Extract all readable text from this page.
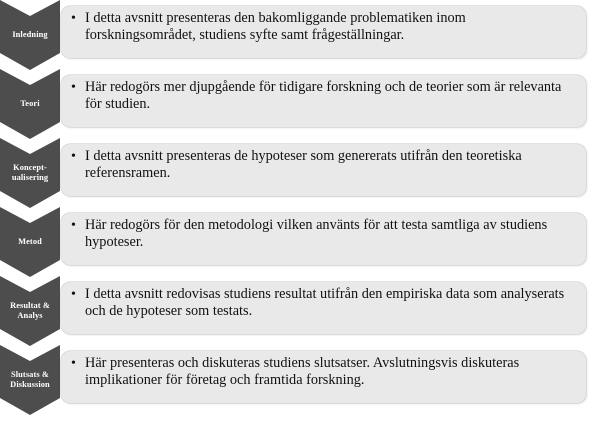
Inledning
• I detta avsnitt presenteras den bakomliggande problematiken inom forskningsområdet, studiens syfte samt frågeställningar.
Teori
• Här redogörs mer djupgående för tidigare forskning och de teorier som är relevanta för studien.
Koncept-
ualisering
• I detta avsnitt presenteras de hypoteser som genererats utifrån den teoretiska referensramen.
Metod
• Här redogörs för den metodologi vilken använts för att testa samtliga av studiens hypoteser.
Resultat &
Analys
• I detta avsnitt redovisas studiens resultat utifrån den empiriska data som analyserats och de hypoteser som testats.
Slutsats &
Diskussion
• Här presenteras och diskuteras studiens slutsatser. Avslutningsvis diskuteras implikationer för företag och framtida forskning.
